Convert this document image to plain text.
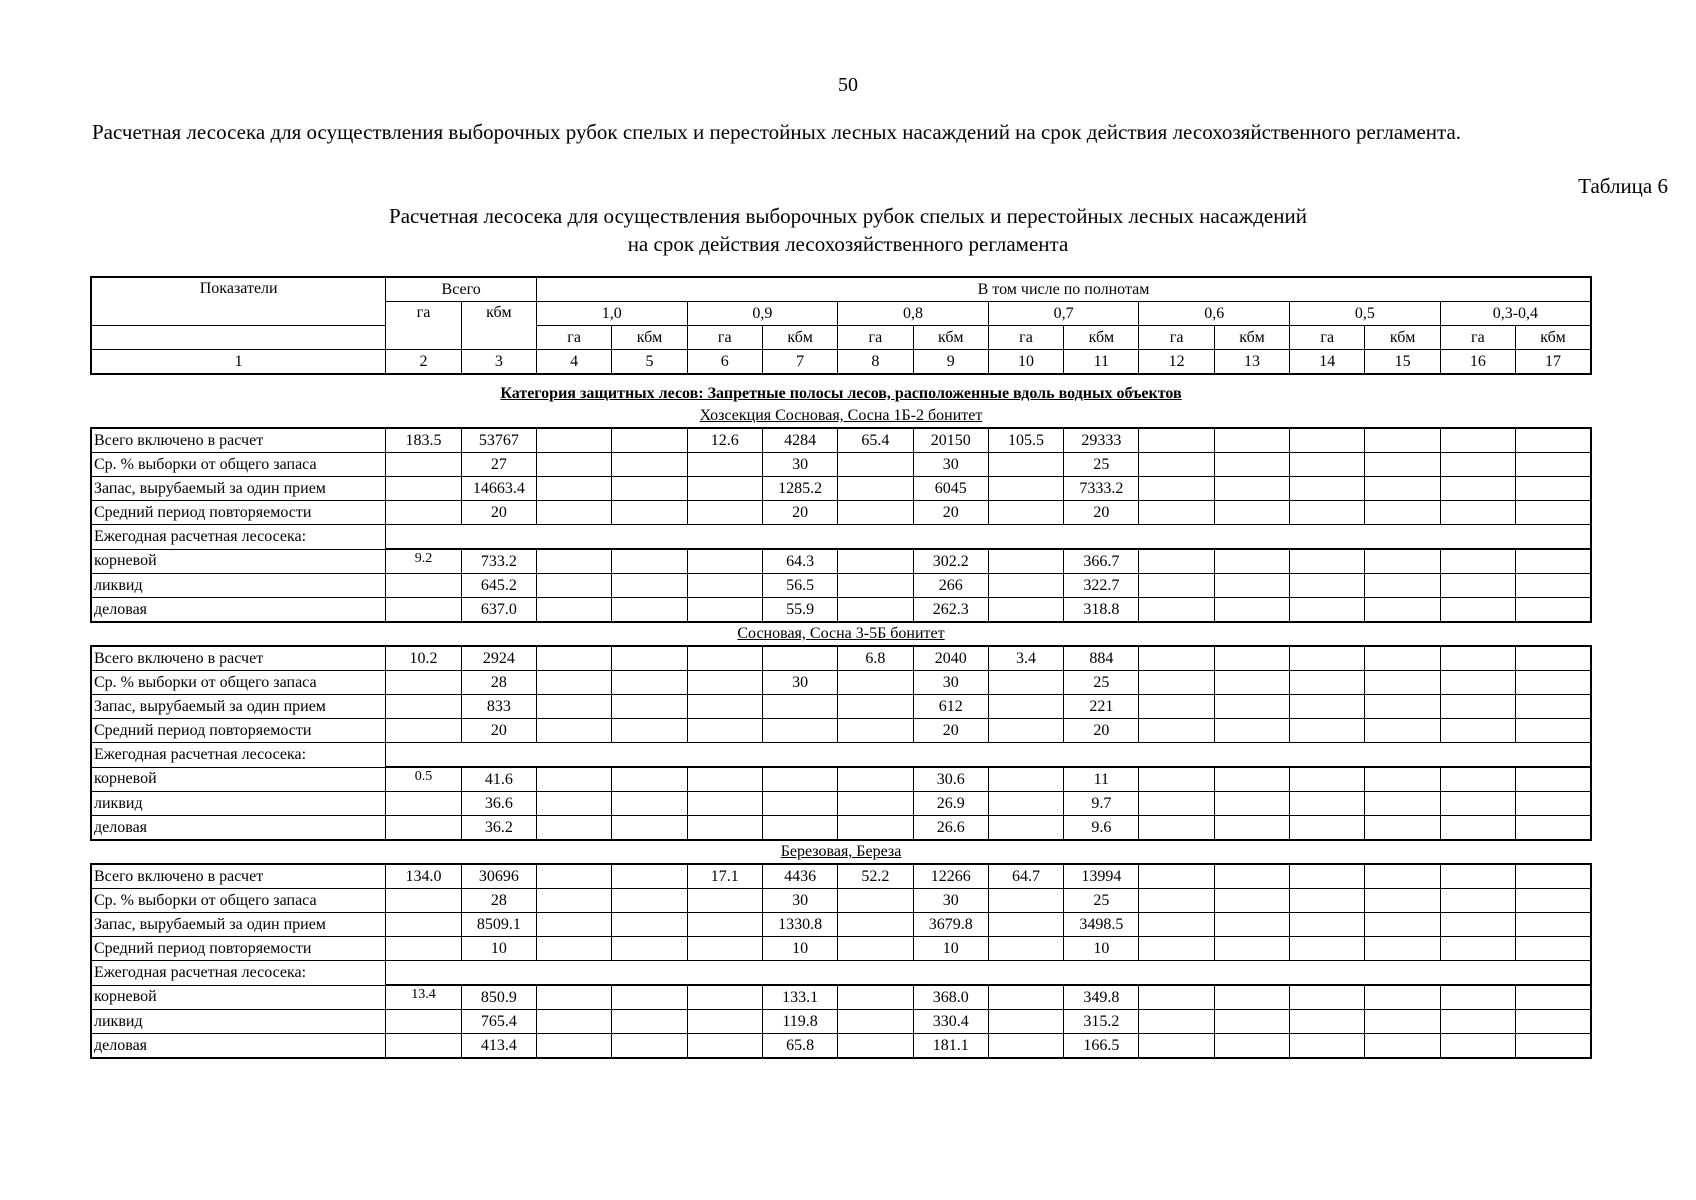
50
Расчетная лесосека для осуществления выборочных рубок спелых и перестойных лесных насаждений на срок действия лесохозяйственного регламента.
Таблица 6
Расчетная лесосека для осуществления выборочных рубок спелых и перестойных лесных насаждений
на срок действия лесохозяйственного регламента
Показатели	Всего		В том числе по полнотам													
	га	кбм	1,0		0,9		0,8		0,7		0,6		0,5		0,3-0,4	
			га	кбм	га	кбм	га	кбм	га	кбм	га	кбм	га	кбм	га	кбм
1	2	3	4	5	6	7	8	9	10	11	12	13	14	15	16	17
Категория защитных лесов: Запретные полосы лесов, расположенные вдоль водных объектов
Хозсекция Сосновая, Сосна 1Б-2 бонитет
Всего включено в расчет	183.5	53767			12.6	4284	65.4	20150	105.5	29333						
Ср. % выборки от общего запаса		27				30		30		25						
Запас, вырубаемый за один прием		14663.4				1285.2		6045		7333.2						
Средний период повторяемости		20				20		20		20						
Ежегодная расчетная лесосека:																
корневой	9.2	733.2				64.3		302.2		366.7						
ликвид		645.2				56.5		266		322.7						
деловая		637.0				55.9		262.3		318.8						
Сосновая, Сосна 3-5Б бонитет
Всего включено в расчет	10.2	2924					6.8	2040	3.4	884						
Ср. % выборки от общего запаса		28				30		30		25						
Запас, вырубаемый за один прием		833						612		221						
Средний период повторяемости		20						20		20						
Ежегодная расчетная лесосека:																
корневой	0.5	41.6						30.6		11						
ликвид		36.6						26.9		9.7						
деловая		36.2						26.6		9.6						
Березовая, Береза
Всего включено в расчет	134.0	30696			17.1	4436	52.2	12266	64.7	13994						
Ср. % выборки от общего запаса		28				30		30		25						
Запас, вырубаемый за один прием		8509.1				1330.8		3679.8		3498.5						
Средний период повторяемости		10				10		10		10						
Ежегодная расчетная лесосека:																
корневой	13.4	850.9				133.1		368.0		349.8						
ликвид		765.4				119.8		330.4		315.2						
деловая		413.4				65.8		181.1		166.5						
